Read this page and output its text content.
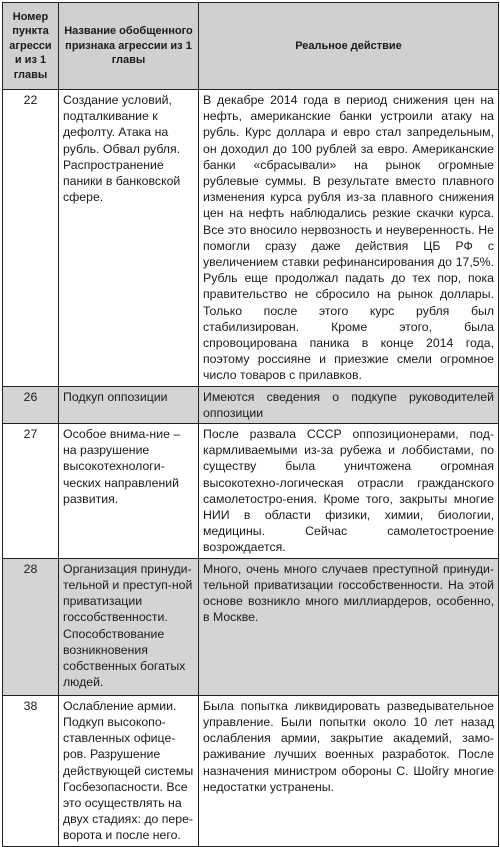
Номер пункта агрессии из 1 главы	Название обобщенного признака агрессии из 1 главы	Реальное действие
22	Создание условий, подталкивание к дефолту. Атака на рубль. Обвал рубля. Распространение паники в банковской сфере.	В декабре 2014 года в период снижения цен на нефть, американские банки устроили атаку на рубль. Курс доллара и евро стал запредельным, он доходил до 100 рублей за евро. Американские банки «сбрасывали» на рынок огромные рублевые суммы. В результате вместо плавного изменения курса рубля из-за плавного снижения цен на нефть наблюдались резкие скачки курса. Все это вносило нервозность и неуверенность. Не помогли сразу даже действия ЦБ РФ с увеличением ставки рефинансирования до 17,5%. Рубль еще продолжал падать до тех пор, пока правительство не сбросило на рынок доллары. Только после этого курс рубля был стабилизирован. Кроме этого, была спровоцирована паника в конце 2014 года, поэтому россияне и приезжие смели огромное число товаров с прилавков.
26	Подкуп оппозиции	Имеются сведения о подкупе руководителей оппозиции
27	Особое внима-ние – на разрушение высокотехнологи-ческих направлений развития.	После развала СССР оппозиционерами, под-кармливаемыми из-за рубежа и лоббистами, по существу была уничтожена огромная высокотехно-логическая отрасли гражданского самолетостро-ения. Кроме того, закрыты многие НИИ в области физики, химии, биологии, медицины. Сейчас самолетостроение возрождается.
28	Организация принуди-тельной и преступ-ной приватизации госсобственности. Способствование возникновения собственных богатых людей.	Много, очень много случаев преступной принуди-тельной приватизации госсобственности. На этой основе возникло много миллиардеров, особенно, в Москве.
38	Ослабление армии. Подкуп высокопо-ставленных офице-ров. Разрушение действующей системы Госбезопасности. Все это осуществлять на двух стадиях: до пере-ворота и после него.	Была попытка ликвидировать разведывательное управление. Были попытки около 10 лет назад ослабления армии, закрытие академий, замо-раживание лучших военных разработок. После назначения министром обороны С. Шойгу многие недостатки устранены.
